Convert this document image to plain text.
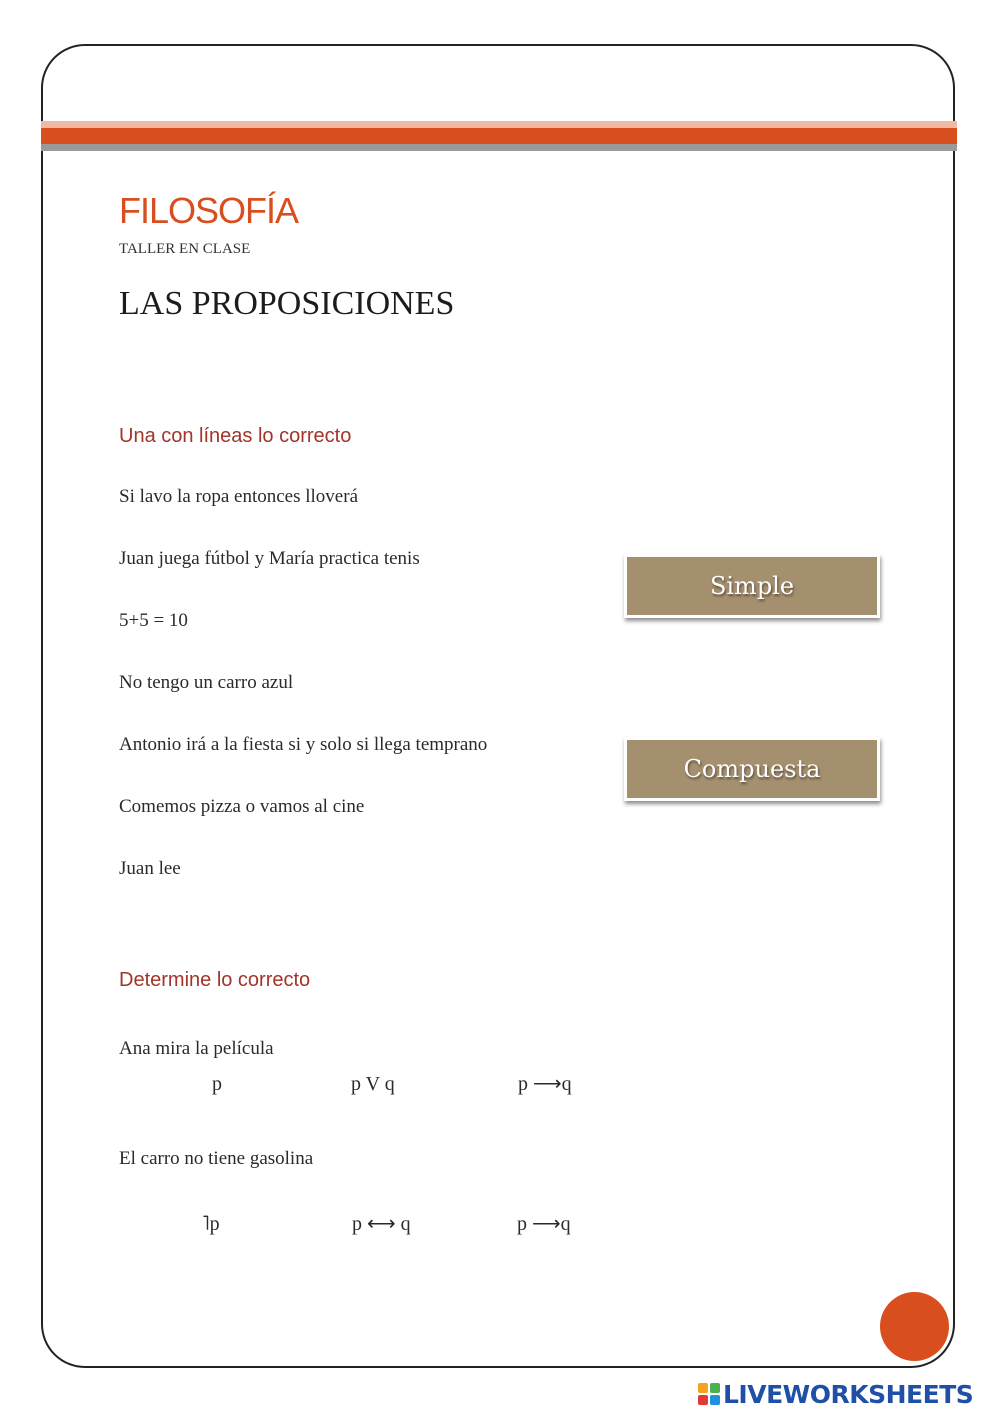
FILOSOFÍA
TALLER EN CLASE
LAS PROPOSICIONES
Una con líneas lo correcto
Si lavo la ropa entonces lloverá
Juan juega fútbol y María practica tenis
5+5 = 10
No tengo un carro azul
Antonio irá a la fiesta si y solo si llega temprano
Comemos pizza o vamos al cine
Juan lee
Simple
Compuesta
Determine lo correcto
Ana mira la película
p	p V q	p ⟶q
El carro no tiene gasolina
˥p	p ⟷ q	p ⟶q
LIVEWORKSHEETS
